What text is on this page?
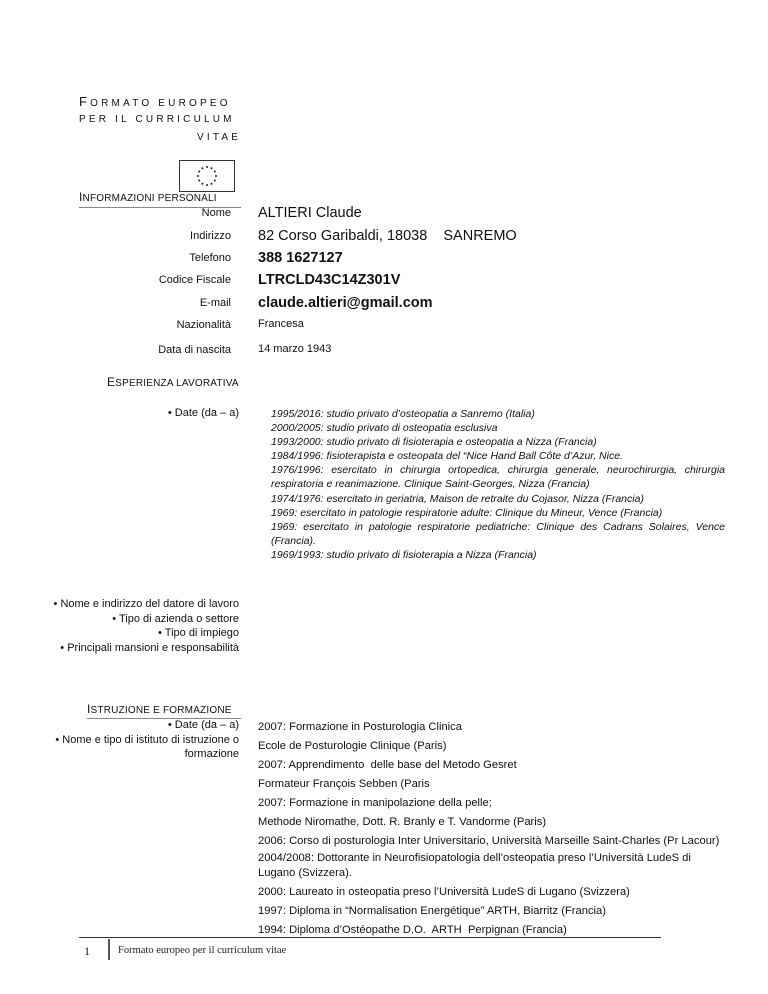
FORMATO EUROPEO
PER IL CURRICULUM
VITAE
INFORMAZIONI PERSONALI
Nome ALTIERI Claude
Indirizzo 82 Corso Garibaldi, 18038    SANREMO
Telefono 388 1627127
Codice Fiscale LTRCLD43C14Z301V
E-mail claude.altieri@gmail.com
Nazionalità Francesa
Data di nascita 14 marzo 1943
ESPERIENZA LAVORATIVA
• Date (da – a)	1995/2016: studio privato d’osteopatia a Sanremo (Italia)
2000/2005: studio privato di osteopatia esclusiva
1993/2000: studio privato di fisioterapia e osteopatia a Nizza (Francia)
1984/1996: fisioterapista e osteopata del “Nice Hand Ball Côte d’Azur, Nice.
1976/1996: esercitato in chirurgia ortopedica, chirurgia generale, neurochirurgia, chirurgia respiratoria e reanimazione. Clinique Saint-Georges, Nizza (Francia)
1974/1976: esercitato in geriatria, Maison de retraite du Cojasor, Nizza (Francia)
1969: esercitato in patologie respiratorie adulte: Clinique du Mineur, Vence (Francia)
1969: esercitato in patologie respiratorie pediatriche: Clinique des Cadrans Solaires, Vence (Francia).
1969/1993: studio privato di fisioterapia a Nizza (Francia)
• Nome e indirizzo del datore di lavoro
• Tipo di azienda o settore
• Tipo di impiego
• Principali mansioni e responsabilità
ISTRUZIONE E FORMAZIONE
• Date (da – a)
• Nome e tipo di istituto di istruzione o formazione
2007: Formazione in Posturologia Clinica
Ecole de Posturologie Clinique (Paris)
2007: Apprendimento  delle base del Metodo Gesret
Formateur François Sebben (Paris
2007: Formazione in manipolazione della pelle;
Methode Niromathe, Dott. R. Branly e T. Vandorme (Paris)
2006: Corso di posturologia Inter Universitario, Università Marseille Saint-Charles (Pr Lacour)
2004/2008: Dottorante in Neurofisiopatologia dell’osteopatia preso l’Università LudeS di Lugano (Svizzera).
2000: Laureato in osteopatia preso l’Università LudeS di Lugano (Svizzera)
1997: Diploma in “Normalisation Energétique” ARTH, Biarritz (Francia)
1994: Diploma d’Ostéopathe D.O.  ARTH  Perpignan (Francia)
1	Formato europeo per il curriculum vitae
